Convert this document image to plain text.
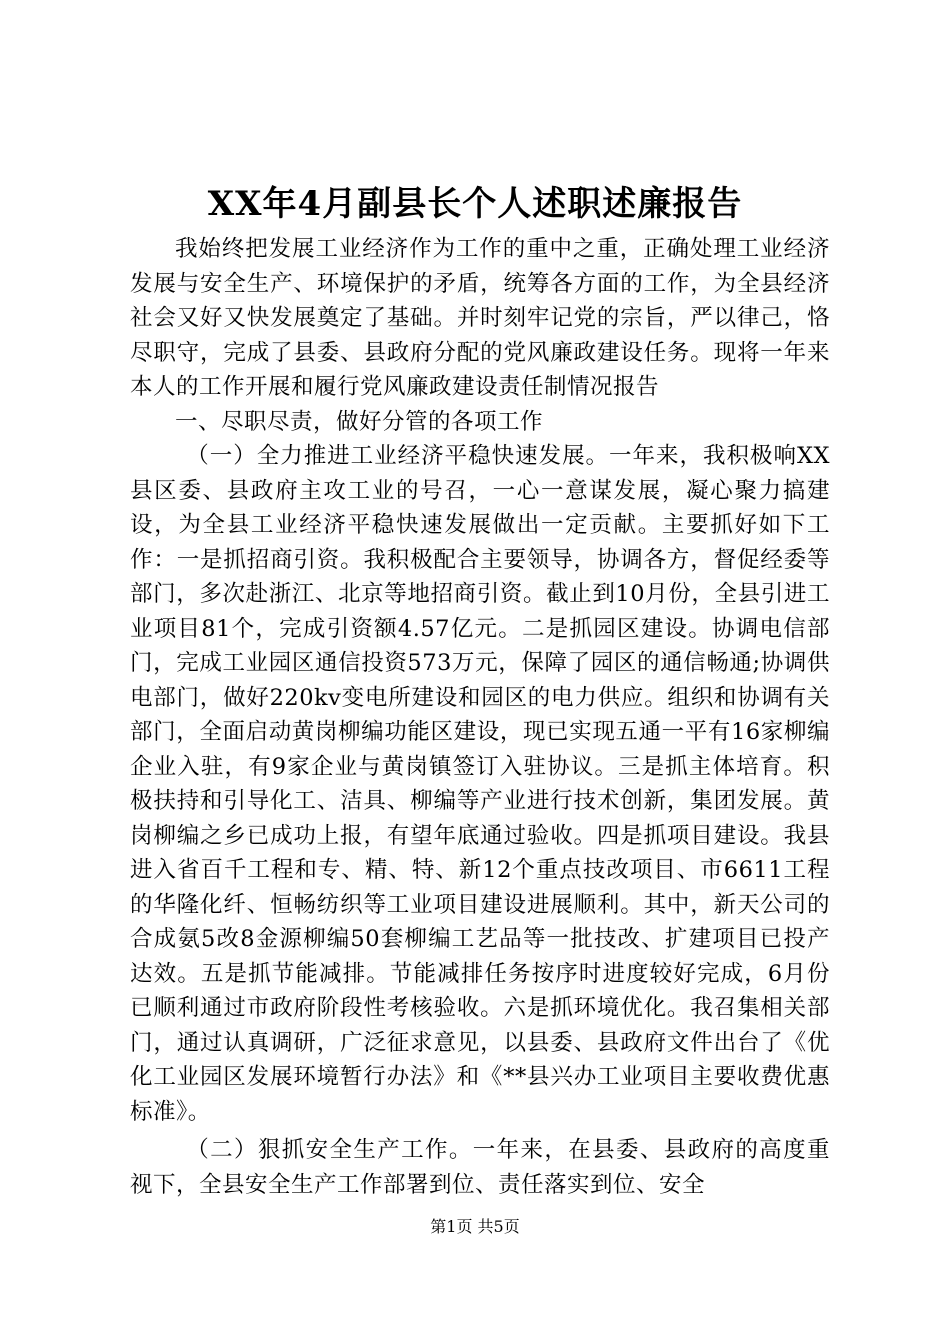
XX年4月副县长个人述职述廉报告

我始终把发展工业经济作为工作的重中之重，正确处理工业经济发展与安全生产、环境保护的矛盾，统筹各方面的工作，为全县经济社会又好又快发展奠定了基础。并时刻牢记党的宗旨，严以律己，恪尽职守，完成了县委、县政府分配的党风廉政建设任务。现将一年来本人的工作开展和履行党风廉政建设责任制情况报告

一、尽职尽责，做好分管的各项工作

（一）全力推进工业经济平稳快速发展。一年来，我积极响XX县区委、县政府主攻工业的号召，一心一意谋发展，凝心聚力搞建设，为全县工业经济平稳快速发展做出一定贡献。主要抓好如下工作：一是抓招商引资。我积极配合主要领导，协调各方，督促经委等部门，多次赴浙江、北京等地招商引资。截止到10月份，全县引进工业项目81个，完成引资额4.57亿元。二是抓园区建设。协调电信部门，完成工业园区通信投资573万元，保障了园区的通信畅通;协调供电部门，做好220kv变电所建设和园区的电力供应。组织和协调有关部门，全面启动黄岗柳编功能区建设，现已实现五通一平有16家柳编企业入驻，有9家企业与黄岗镇签订入驻协议。三是抓主体培育。积极扶持和引导化工、洁具、柳编等产业进行技术创新，集团发展。黄岗柳编之乡已成功上报，有望年底通过验收。四是抓项目建设。我县进入省百千工程和专、精、特、新12个重点技改项目、市6611工程的华隆化纤、恒畅纺织等工业项目建设进展顺利。其中，新天公司的合成氨5改8金源柳编50套柳编工艺品等一批技改、扩建项目已投产达效。五是抓节能减排。节能减排任务按序时进度较好完成，6月份已顺利通过市政府阶段性考核验收。六是抓环境优化。我召集相关部门，通过认真调研，广泛征求意见，以县委、县政府文件出台了《优化工业园区发展环境暂行办法》和《**县兴办工业项目主要收费优惠标准》。

（二）狠抓安全生产工作。一年来，在县委、县政府的高度重视下，全县安全生产工作部署到位、责任落实到位、安全

第1页 共5页
